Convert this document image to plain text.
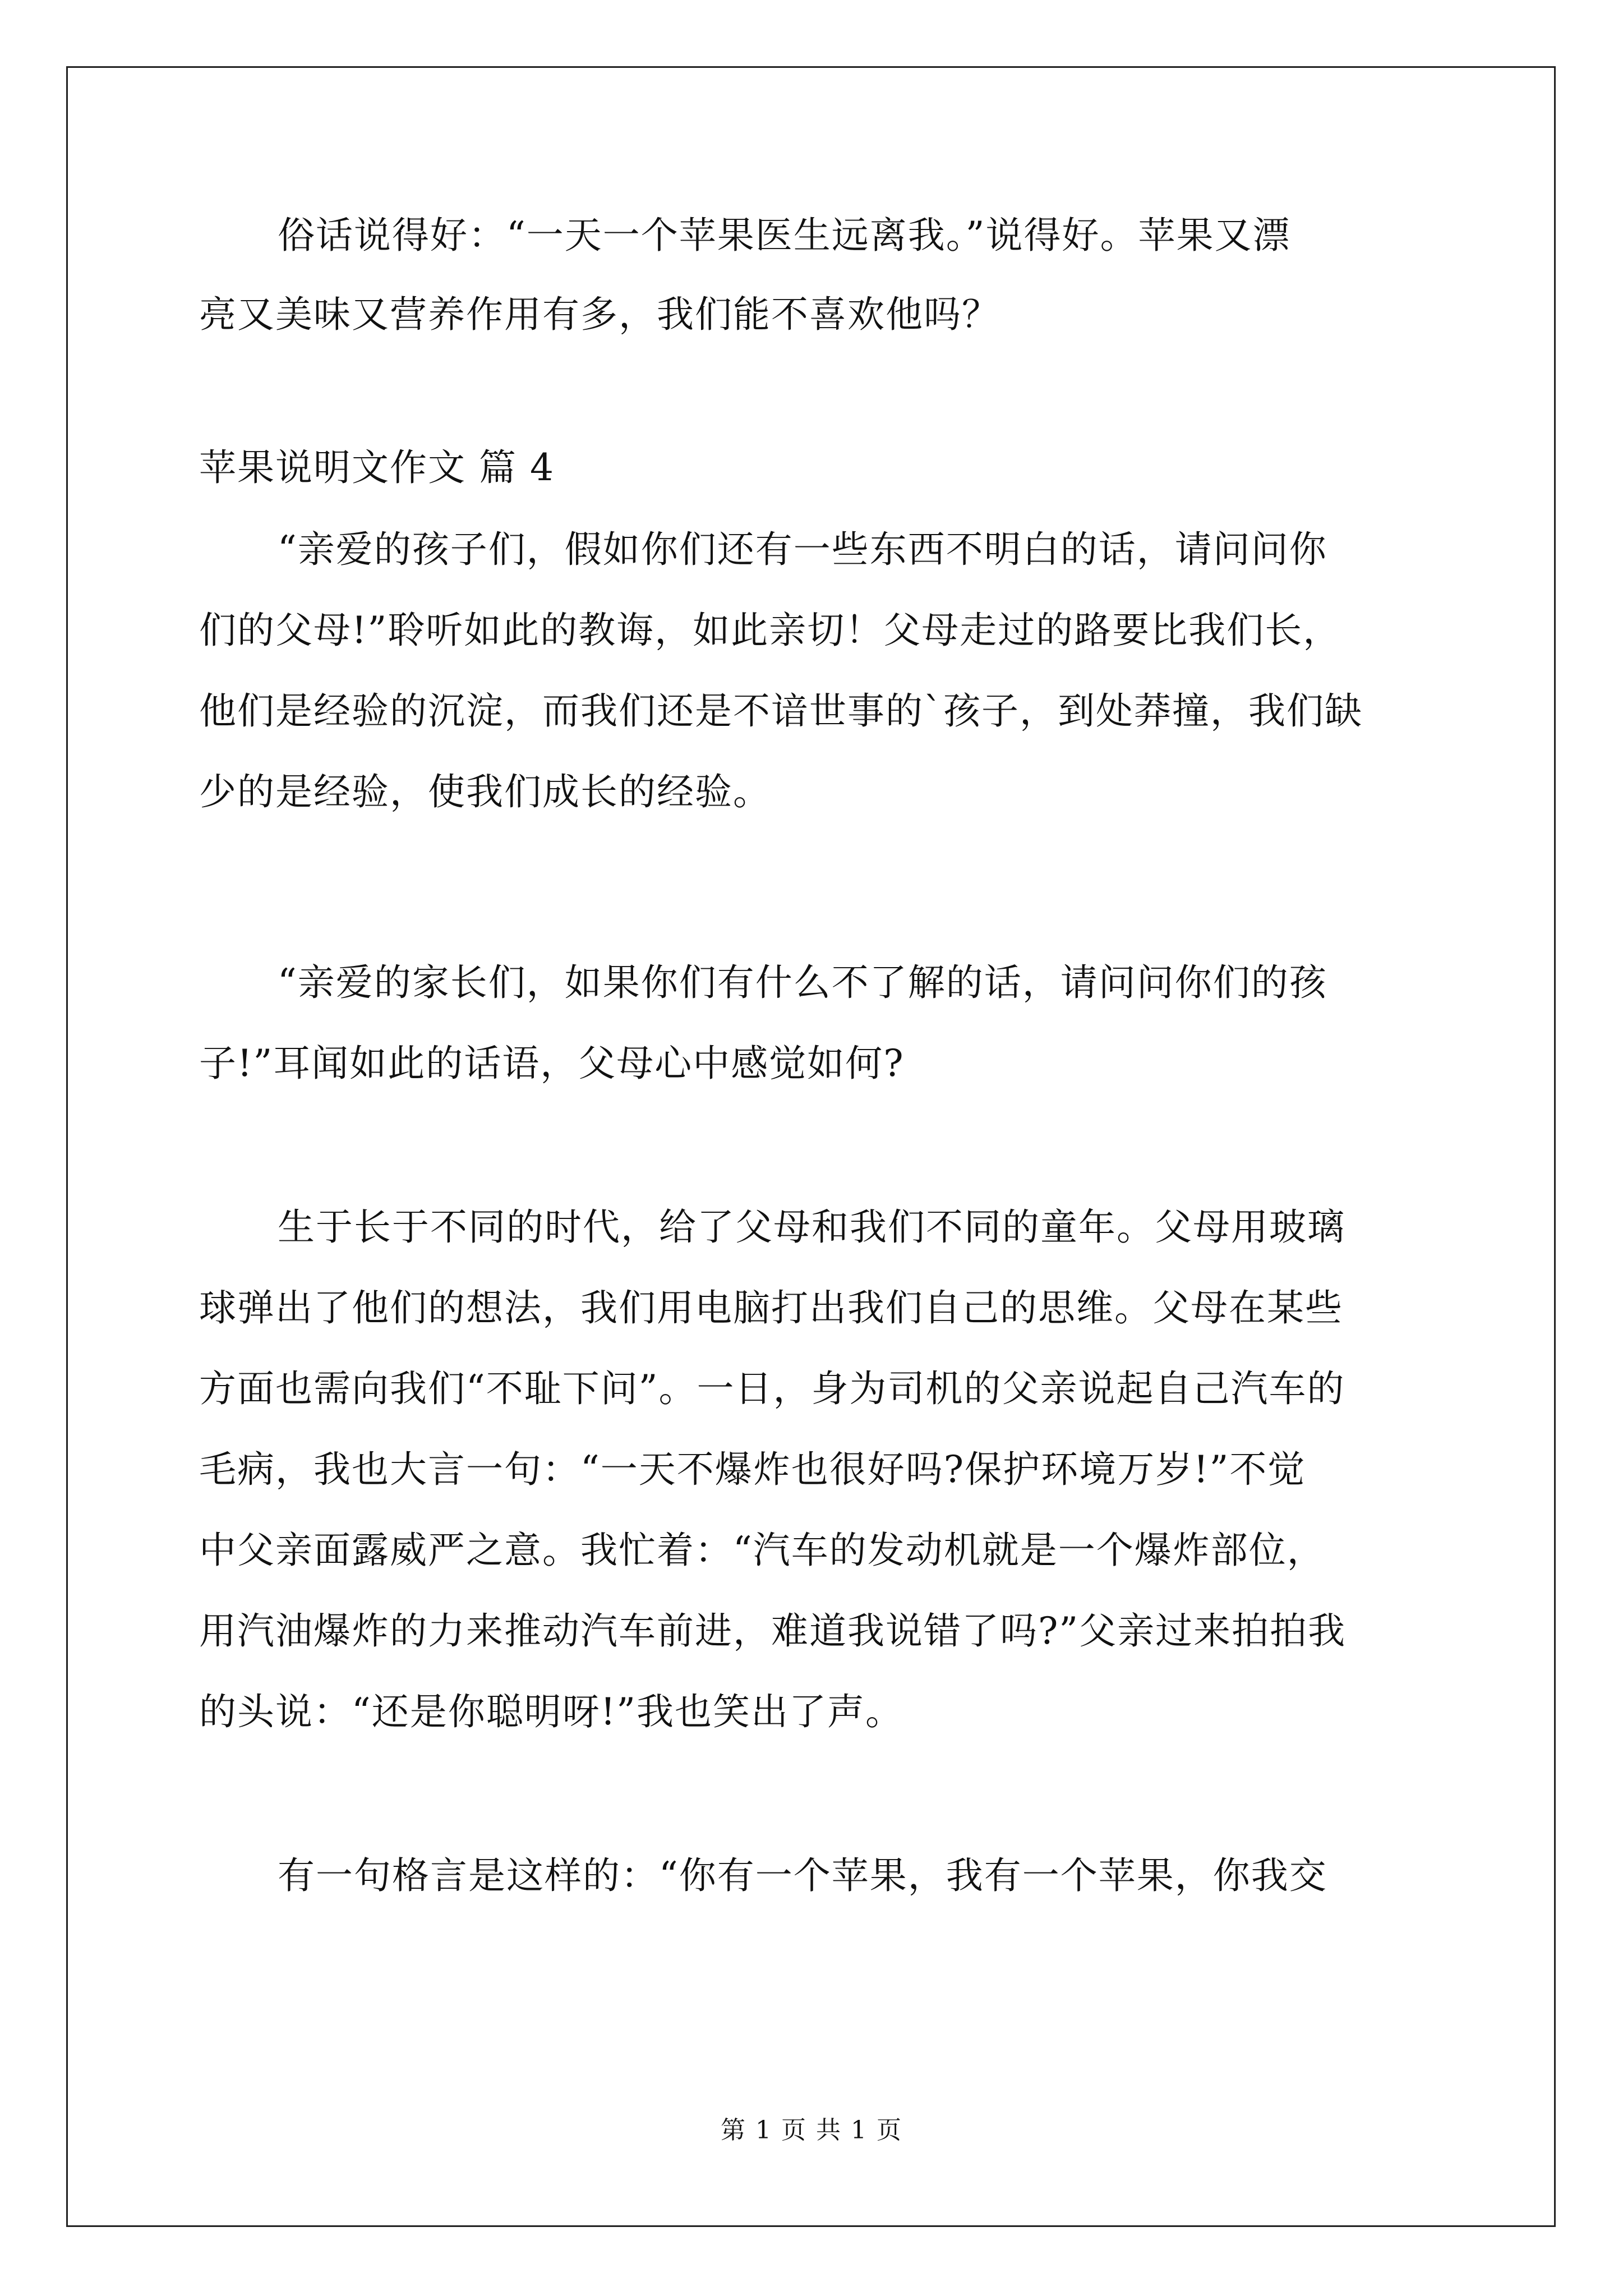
俗话说得好：“一天一个苹果医生远离我。”说得好。苹果又漂
亮又美味又营养作用有多，我们能不喜欢他吗？
苹果说明文作文 篇 4
“亲爱的孩子们，假如你们还有一些东西不明白的话，请问问你
们的父母!”聆听如此的教诲，如此亲切！父母走过的路要比我们长，
他们是经验的沉淀，而我们还是不谙世事的`孩子，到处莽撞，我们缺
少的是经验，使我们成长的经验。
“亲爱的家长们，如果你们有什么不了解的话，请问问你们的孩
子!”耳闻如此的话语，父母心中感觉如何?
生于长于不同的时代，给了父母和我们不同的童年。父母用玻璃
球弹出了他们的想法，我们用电脑打出我们自己的思维。父母在某些
方面也需向我们“不耻下问”。一日，身为司机的父亲说起自己汽车的
毛病，我也大言一句：“一天不爆炸也很好吗?保护环境万岁!”不觉
中父亲面露威严之意。我忙着：“汽车的发动机就是一个爆炸部位，
用汽油爆炸的力来推动汽车前进，难道我说错了吗?”父亲过来拍拍我
的头说：“还是你聪明呀!”我也笑出了声。
有一句格言是这样的：“你有一个苹果，我有一个苹果，你我交
第 1 页 共 1 页
